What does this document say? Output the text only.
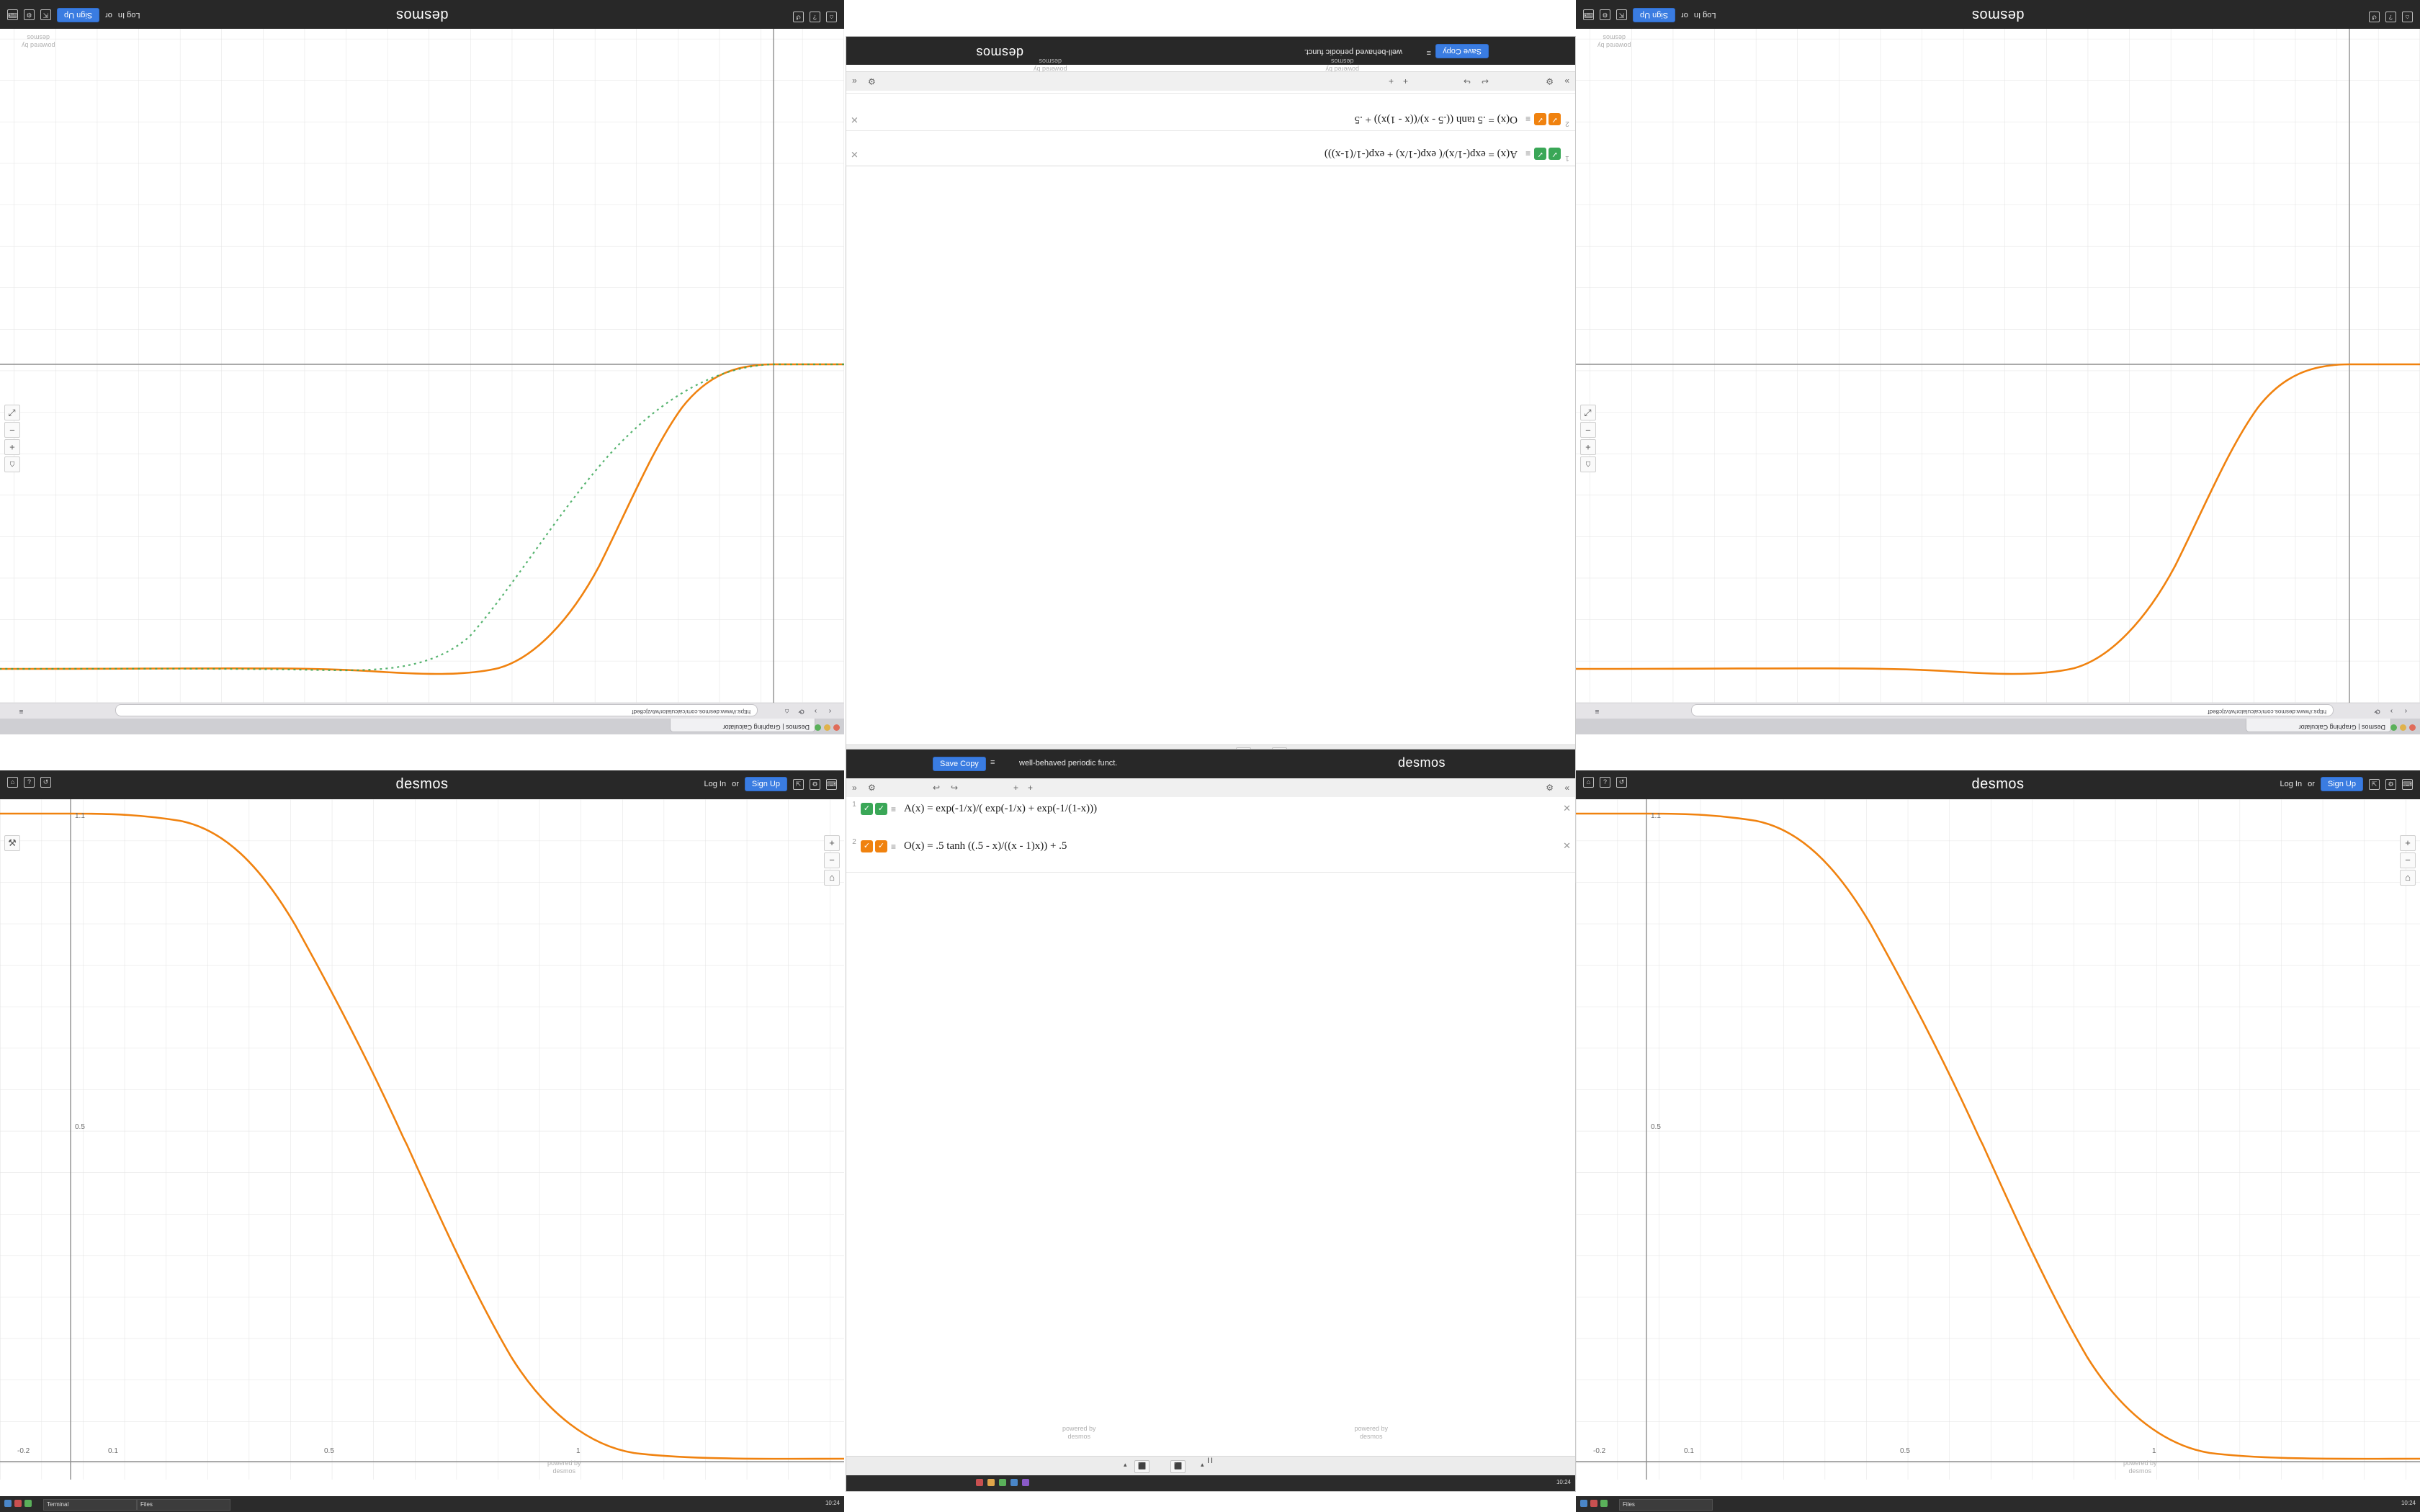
Desmos | Graphing Calculator
‹
›
⟳
⌂
https://www.desmos.com/calculator/wtvzjc8edf
≡
desmos	⌂
?
↺
Log In
or
Sign Up
⇱
⚙
⌨
⌂
+
−
⤢
powered by
desmos
Desmos | Graphing Calculator
‹
›
⟳
https://www.desmos.com/calculator/wtvzjc8edf
≡
desmos	⌂
?
↺
Log In
or
Sign Up
⇱
⚙
⌨
⌂
+
−
⤢
powered by
desmos
desmos
⌂	?	↺	Log In or	Sign Up	⇱	⚙	⌨
⚒	+
−
⌂
-0.2	0.1	0.5	1
1.1
0.5
powered by
desmos
Terminal	Files	10:24
desmos
⌂	?	↺	Log In or	Sign Up	⇱	⚙	⌨
+
−
⌂
-0.2	0.1	0.5	1
1.1
0.5
powered by
desmos
Files	10:24
desmos	Save Copy
well-behaved periodic funct.	≡
»
⚙
↩
↪
+
+
⚙
«
2
✓
✓
≡
O(x) = .5 tanh ((.5 - x)/((x - 1)x)) + .5
✕
1
✓
✓
≡
A(x) = exp(-1/x)/( exp(-1/x) + exp(-1/(1-x)))
✕
powered by
desmos
powered by
desmos
desmos
Save Copy	well-behaved periodic funct.
≡
» ⚙	↩ ↪	+ +	⚙ «
1 ✓ ✓ ≡ A(x) = exp(-1/x)/( exp(-1/x) + exp(-1/(1-x)))	✕
2 ✓ ✓ ≡ O(x) = .5 tanh ((.5 - x)/((x - 1)x)) + .5	✕
powered by
desmos
powered by
desmos
II
⬛	⬛
▴	▴
10:24
